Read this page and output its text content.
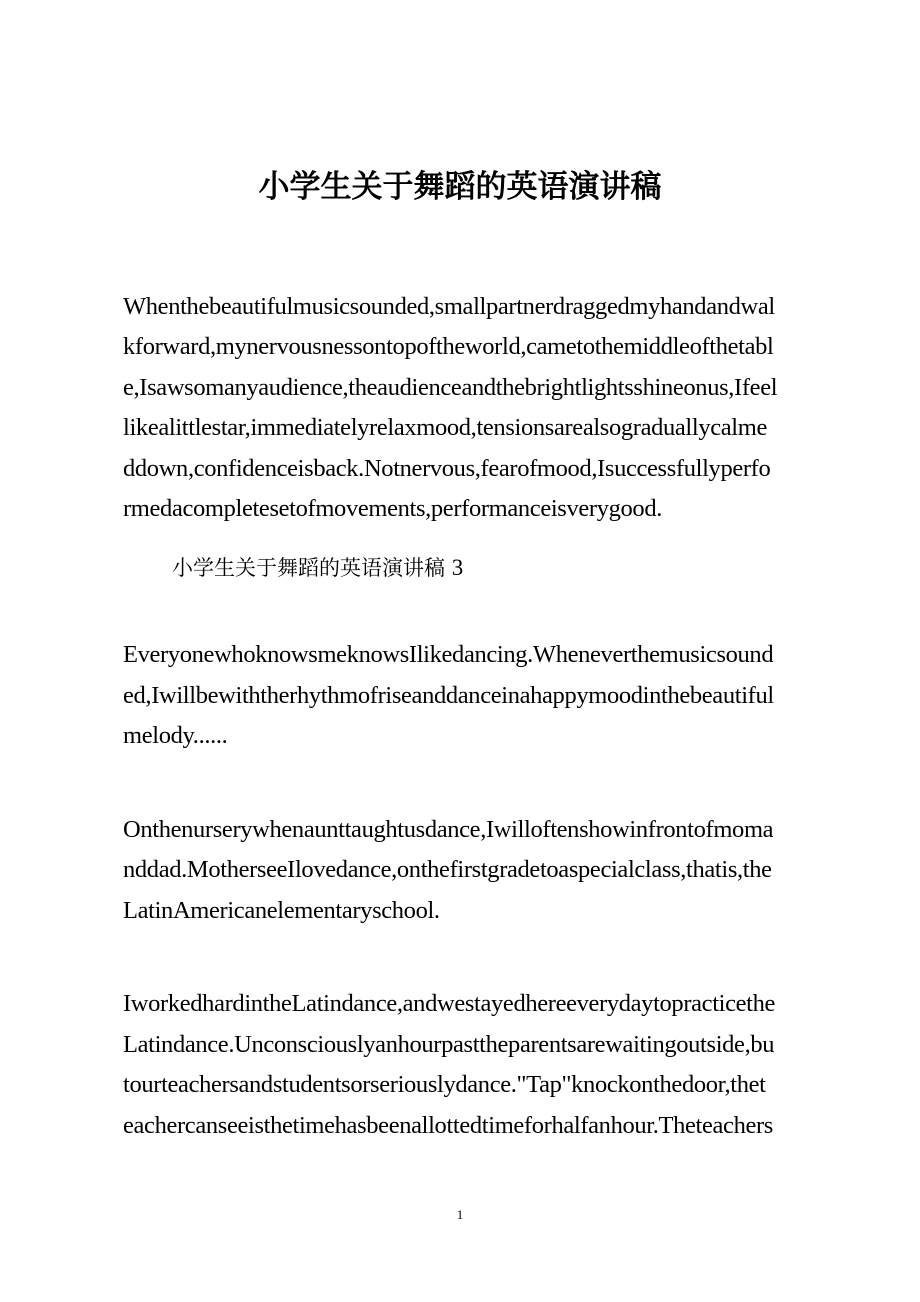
小学生关于舞蹈的英语演讲稿
Whenthebeautifulmusicsounded,smallpartnerdraggedmyhandandwal
kforward,mynervousnessontopoftheworld,cametothemiddleofthetabl
e,Isawsomanyaudience,theaudienceandthebrightlightsshineonus,Ifeel
likealittlestar,immediatelyrelaxmood,tensionsarealsograduallycalme
ddown,confidenceisback.Notnervous,fearofmood,Isuccessfullyperfo
rmedacompletesetofmovements,performanceisverygood.
小学生关于舞蹈的英语演讲稿 3
EveryonewhoknowsmeknowsIlikedancing.Wheneverthemusicsound
ed,Iwillbewiththerhythmofriseanddanceinahappymoodinthebeautiful
melody......
Onthenurserywhenaunttaughtusdance,Iwilloftenshowinfrontofmoma
nddad.MotherseeIlovedance,onthefirstgradetoaspecialclass,thatis,the
LatinAmericanelementaryschool.
IworkedhardintheLatindance,andwestayedhereeverydaytopracticethe
Latindance.Unconsciouslyanhourpasttheparentsarewaitingoutside,bu
tourteachersandstudentsorseriouslydance."Tap"knockonthedoor,thet
eachercanseeisthetimehasbeenallottedtimeforhalfanhour.Theteachers
1
